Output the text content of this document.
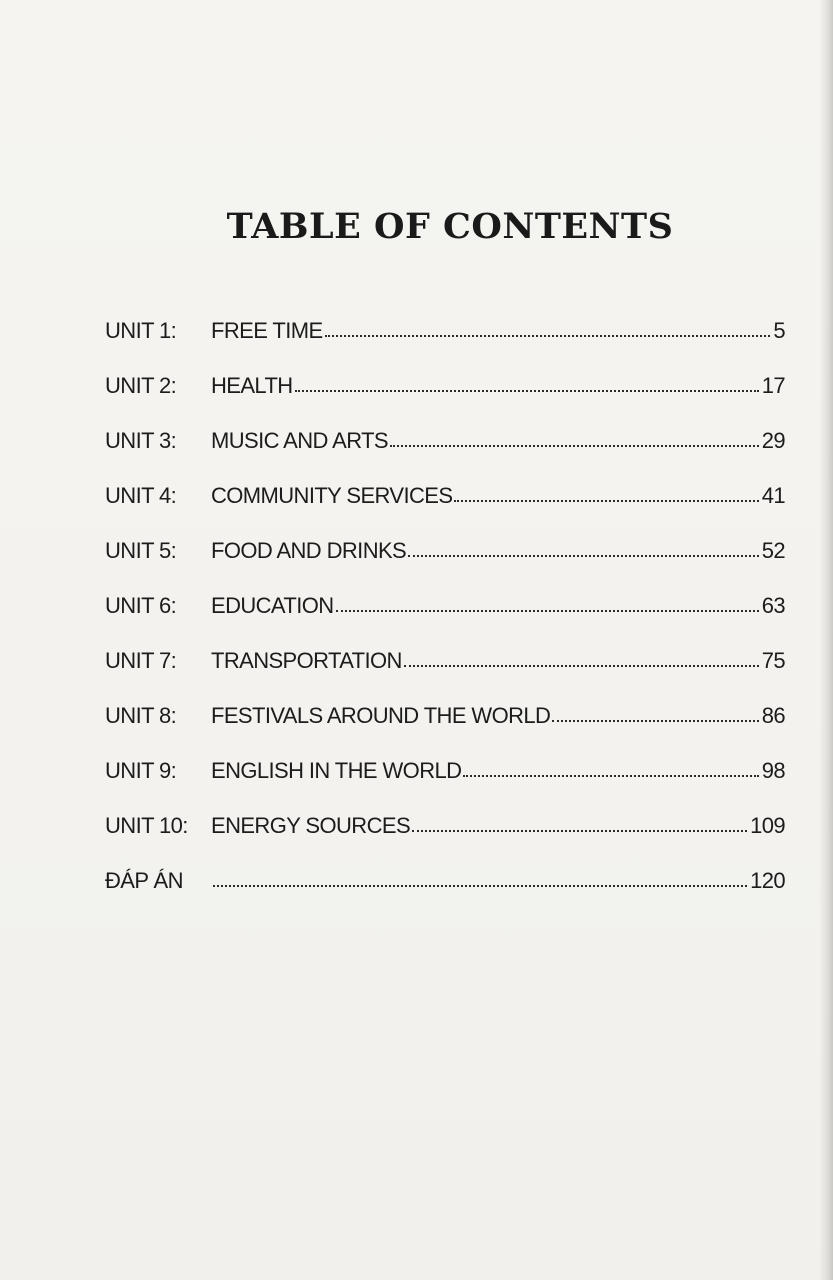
TABLE OF CONTENTS
UNIT 1:	FREE TIME	5
UNIT 2:	HEALTH	17
UNIT 3:	MUSIC AND ARTS	29
UNIT 4:	COMMUNITY SERVICES	41
UNIT 5:	FOOD AND DRINKS	52
UNIT 6:	EDUCATION	63
UNIT 7:	TRANSPORTATION	75
UNIT 8:	FESTIVALS AROUND THE WORLD	86
UNIT 9:	ENGLISH IN THE WORLD	98
UNIT 10:	ENERGY SOURCES	109
ĐÁP ÁN	120
